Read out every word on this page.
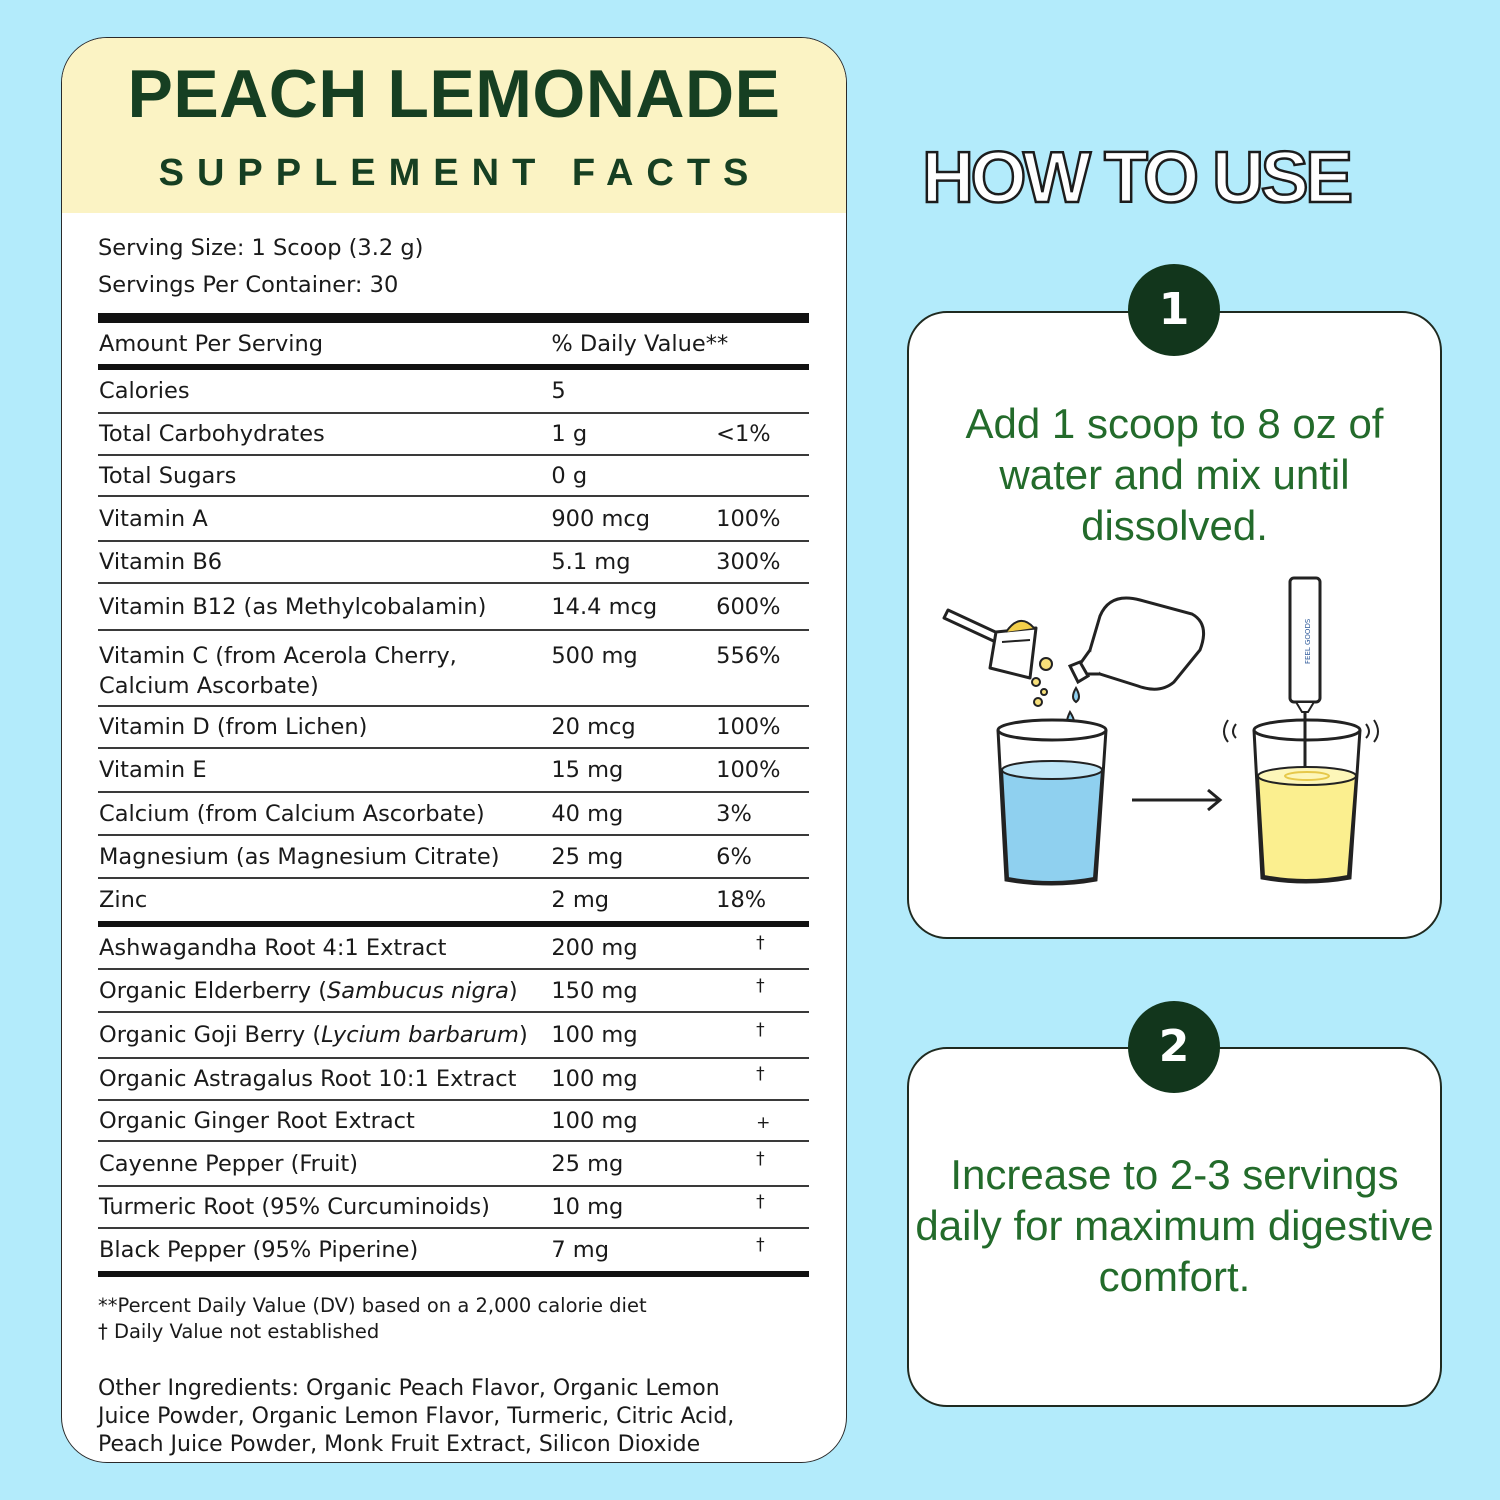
PEACH LEMONADE
SUPPLEMENT FACTS
Serving Size: 1 Scoop (3.2 g)
Servings Per Container: 30
Amount Per Serving	% Daily Value**
Calories	5
Total Carbohydrates	1 g	<1%
Total Sugars	0 g
Vitamin A	900 mcg	100%
Vitamin B6	5.1 mg	300%
Vitamin B12 (as Methylcobalamin)	14.4 mcg	600%
Vitamin C (from Acerola Cherry,
Calcium Ascorbate)
500 mg	556%
Vitamin D (from Lichen)	20 mcg	100%
Vitamin E	15 mg	100%
Calcium (from Calcium Ascorbate)	40 mg	3%
Magnesium (as Magnesium Citrate)	25 mg	6%
Zinc	2 mg	18%
Ashwagandha Root 4:1 Extract	200 mg	†
Organic Elderberry (Sambucus nigra)	150 mg	†
Organic Goji Berry (Lycium barbarum)	100 mg	†
Organic Astragalus Root 10:1 Extract	100 mg	†
Organic Ginger Root Extract	100 mg	+
Cayenne Pepper (Fruit)	25 mg	†
Turmeric Root (95% Curcuminoids)	10 mg	†
Black Pepper (95% Piperine)	7 mg	†
**Percent Daily Value (DV) based on a 2,000 calorie diet
† Daily Value not established
Other Ingredients: Organic Peach Flavor, Organic Lemon Juice Powder, Organic Lemon Flavor, Turmeric, Citric Acid, Peach Juice Powder, Monk Fruit Extract, Silicon Dioxide
HOW TO USE
Add 1 scoop to 8 oz of water and mix until dissolved.
1
Increase to 2-3 servings daily for maximum digestive comfort.
2
FEEL GOODS
